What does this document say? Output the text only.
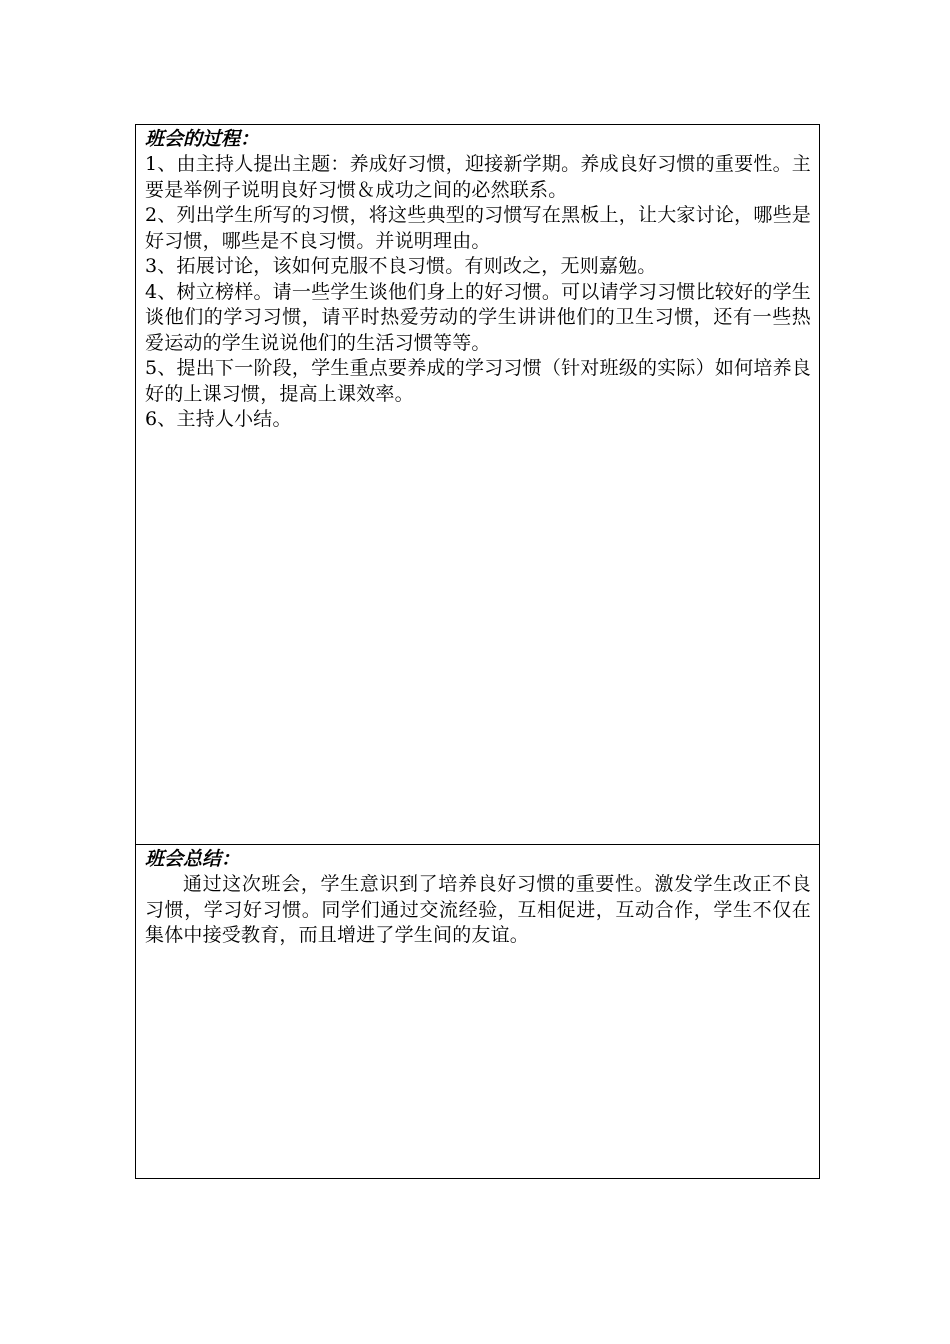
班会的过程：

1、由主持人提出主题：养成好习惯，迎接新学期。养成良好习惯的重要性。主要是举例子说明良好习惯＆成功之间的必然联系。

2、列出学生所写的习惯，将这些典型的习惯写在黑板上，让大家讨论，哪些是好习惯，哪些是不良习惯。并说明理由。

3、拓展讨论，该如何克服不良习惯。有则改之，无则嘉勉。

4、树立榜样。请一些学生谈他们身上的好习惯。可以请学习习惯比较好的学生谈他们的学习习惯，请平时热爱劳动的学生讲讲他们的卫生习惯，还有一些热爱运动的学生说说他们的生活习惯等等。

5、提出下一阶段，学生重点要养成的学习习惯（针对班级的实际）如何培养良好的上课习惯，提高上课效率。

6、主持人小结。

班会总结：

通过这次班会，学生意识到了培养良好习惯的重要性。激发学生改正不良习惯，学习好习惯。同学们通过交流经验，互相促进，互动合作，学生不仅在集体中接受教育，而且增进了学生间的友谊。
